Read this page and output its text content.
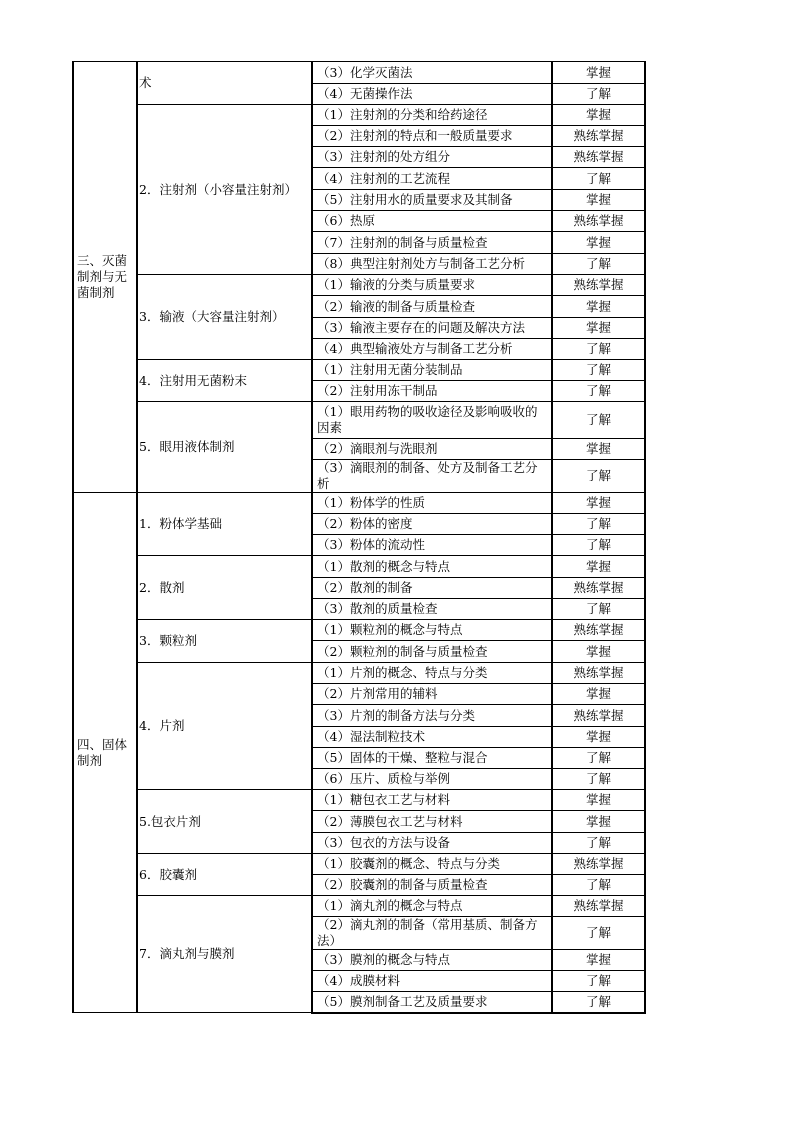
三、灭菌制剂与无菌制剂	术	（3）化学灭菌法	掌握
		（4）无菌操作法	了解

	2．注射剂（小容量注射剂）	（1）注射剂的分类和给药途径	掌握
		（2）注射剂的特点和一般质量要求	熟练掌握
		（3）注射剂的处方组分	熟练掌握
		（4）注射剂的工艺流程	了解
		（5）注射用水的质量要求及其制备	掌握
		（6）热原	熟练掌握
		（7）注射剂的制备与质量检查	掌握
		（8）典型注射剂处方与制备工艺分析	了解

	3．输液（大容量注射剂）	（1）输液的分类与质量要求	熟练掌握
		（2）输液的制备与质量检查	掌握
		（3）输液主要存在的问题及解决方法	掌握
		（4）典型输液处方与制备工艺分析	了解

	4．注射用无菌粉末	（1）注射用无菌分装制品	了解
		（2）注射用冻干制品	了解

	5．眼用液体制剂	（1）眼用药物的吸收途径及影响吸收的因素	了解
		（2）滴眼剂与洗眼剂	掌握
		（3）滴眼剂的制备、处方及制备工艺分析	了解

四、固体制剂	1．粉体学基础	（1）粉体学的性质	掌握
		（2）粉体的密度	了解
		（3）粉体的流动性	了解

	2．散剂	（1）散剂的概念与特点	掌握
		（2）散剂的制备	熟练掌握
		（3）散剂的质量检查	了解

	3．颗粒剂	（1）颗粒剂的概念与特点	熟练掌握
		（2）颗粒剂的制备与质量检查	掌握

	4．片剂	（1）片剂的概念、特点与分类	熟练掌握
		（2）片剂常用的辅料	掌握
		（3）片剂的制备方法与分类	熟练掌握
		（4）湿法制粒技术	掌握
		（5）固体的干燥、整粒与混合	了解
		（6）压片、质检与举例	了解

	5.包衣片剂	（1）糖包衣工艺与材料	掌握
		（2）薄膜包衣工艺与材料	掌握
		（3）包衣的方法与设备	了解

	6．胶囊剂	（1）胶囊剂的概念、特点与分类	熟练掌握
		（2）胶囊剂的制备与质量检查	了解

	7．滴丸剂与膜剂	（1）滴丸剂的概念与特点	熟练掌握
		（2）滴丸剂的制备（常用基质、制备方法）	了解
		（3）膜剂的概念与特点	掌握
		（4）成膜材料	了解
		（5）膜剂制备工艺及质量要求	了解
